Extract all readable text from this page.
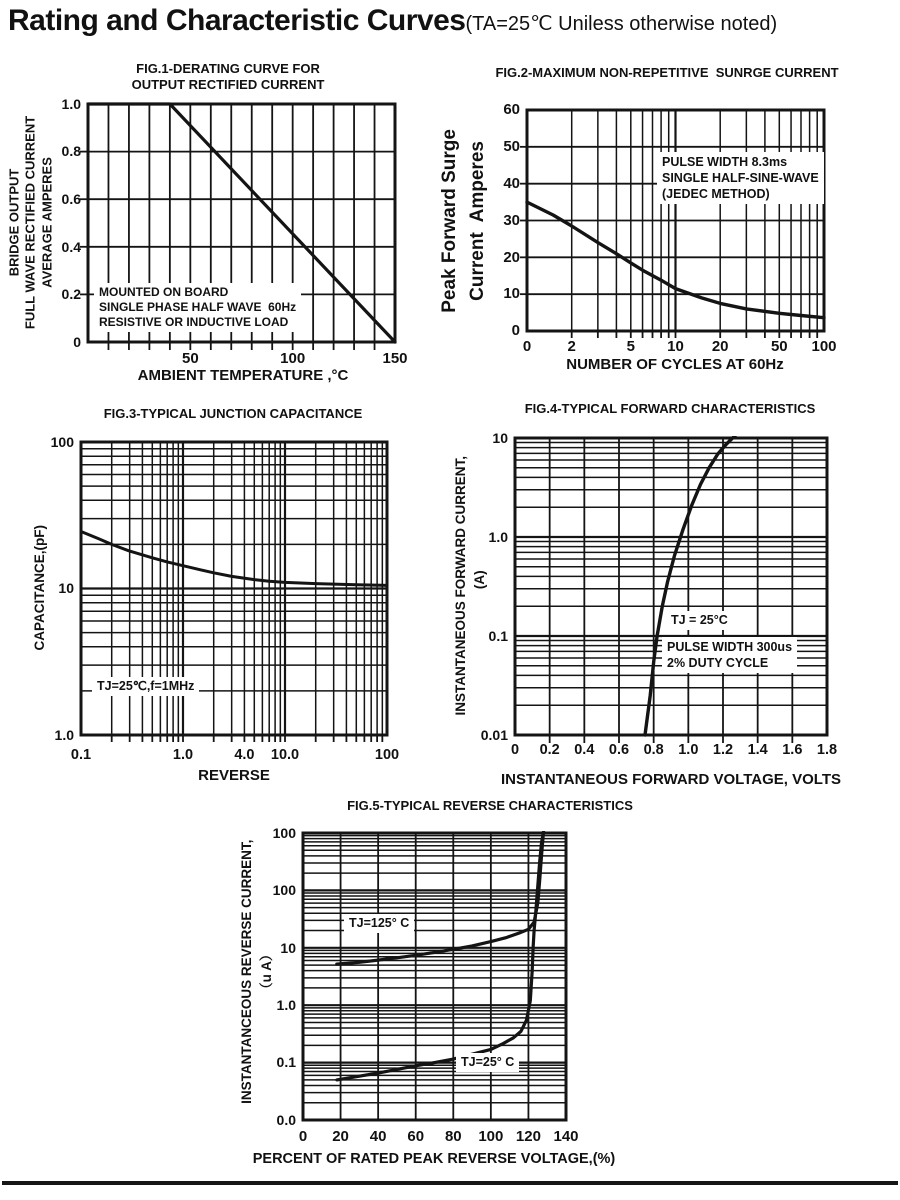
Rating and Characteristic Curves(TA=25℃ Uniless otherwise noted)
FIG.1-DERATING CURVE FOR
OUTPUT RECTIFIED CURRENT
50	100	150
1.0
0.8
0.6
0.4
0.2
0
AMBIENT TEMPERATURE ,°C
BRIDGE OUTPUT FULL WAVE RECTIFIED CURRENT AVERAGE AMPERES
MOUNTED ON BOARD
SINGLE PHASE HALF WAVE  60Hz
RESISTIVE OR INDUCTIVE LOAD
FIG.2-MAXIMUM NON-REPETITIVE  SUNRGE CURRENT
0	2	5	10	20	50	100
60
50
40
30
20
10
0
NUMBER OF CYCLES AT 60Hz
Peak Forward Surge Current  Amperes	PULSE WIDTH 8.3ms
SINGLE HALF-SINE-WAVE
(JEDEC METHOD)
FIG.3-TYPICAL JUNCTION CAPACITANCE
0.1	1.0	4.0	10.0	100
100
10
1.0
REVERSE
CAPACITANCE,(pF)
TJ=25℃,f=1MHz
FIG.4-TYPICAL FORWARD CHARACTERISTICS
0	0.2	0.4	0.6 0.8	1.0	1.2 1.4	1.6	1.8
10
1.0
0.1
0.01
INSTANTANEOUS FORWARD VOLTAGE, VOLTS
INSTANTANEOUS FORWARD CURRENT, (A)
TJ = 25°C
PULSE WIDTH 300us
2% DUTY CYCLE
FIG.5-TYPICAL REVERSE CHARACTERISTICS
0	20	40	60	80	100 120 140
100
100
10
1.0
0.1
0.0
PERCENT OF RATED PEAK REVERSE VOLTAGE,(%)
INSTANTANCEOUS REVERSE CURRENT, （u A）
TJ=125° C
TJ=25° C
